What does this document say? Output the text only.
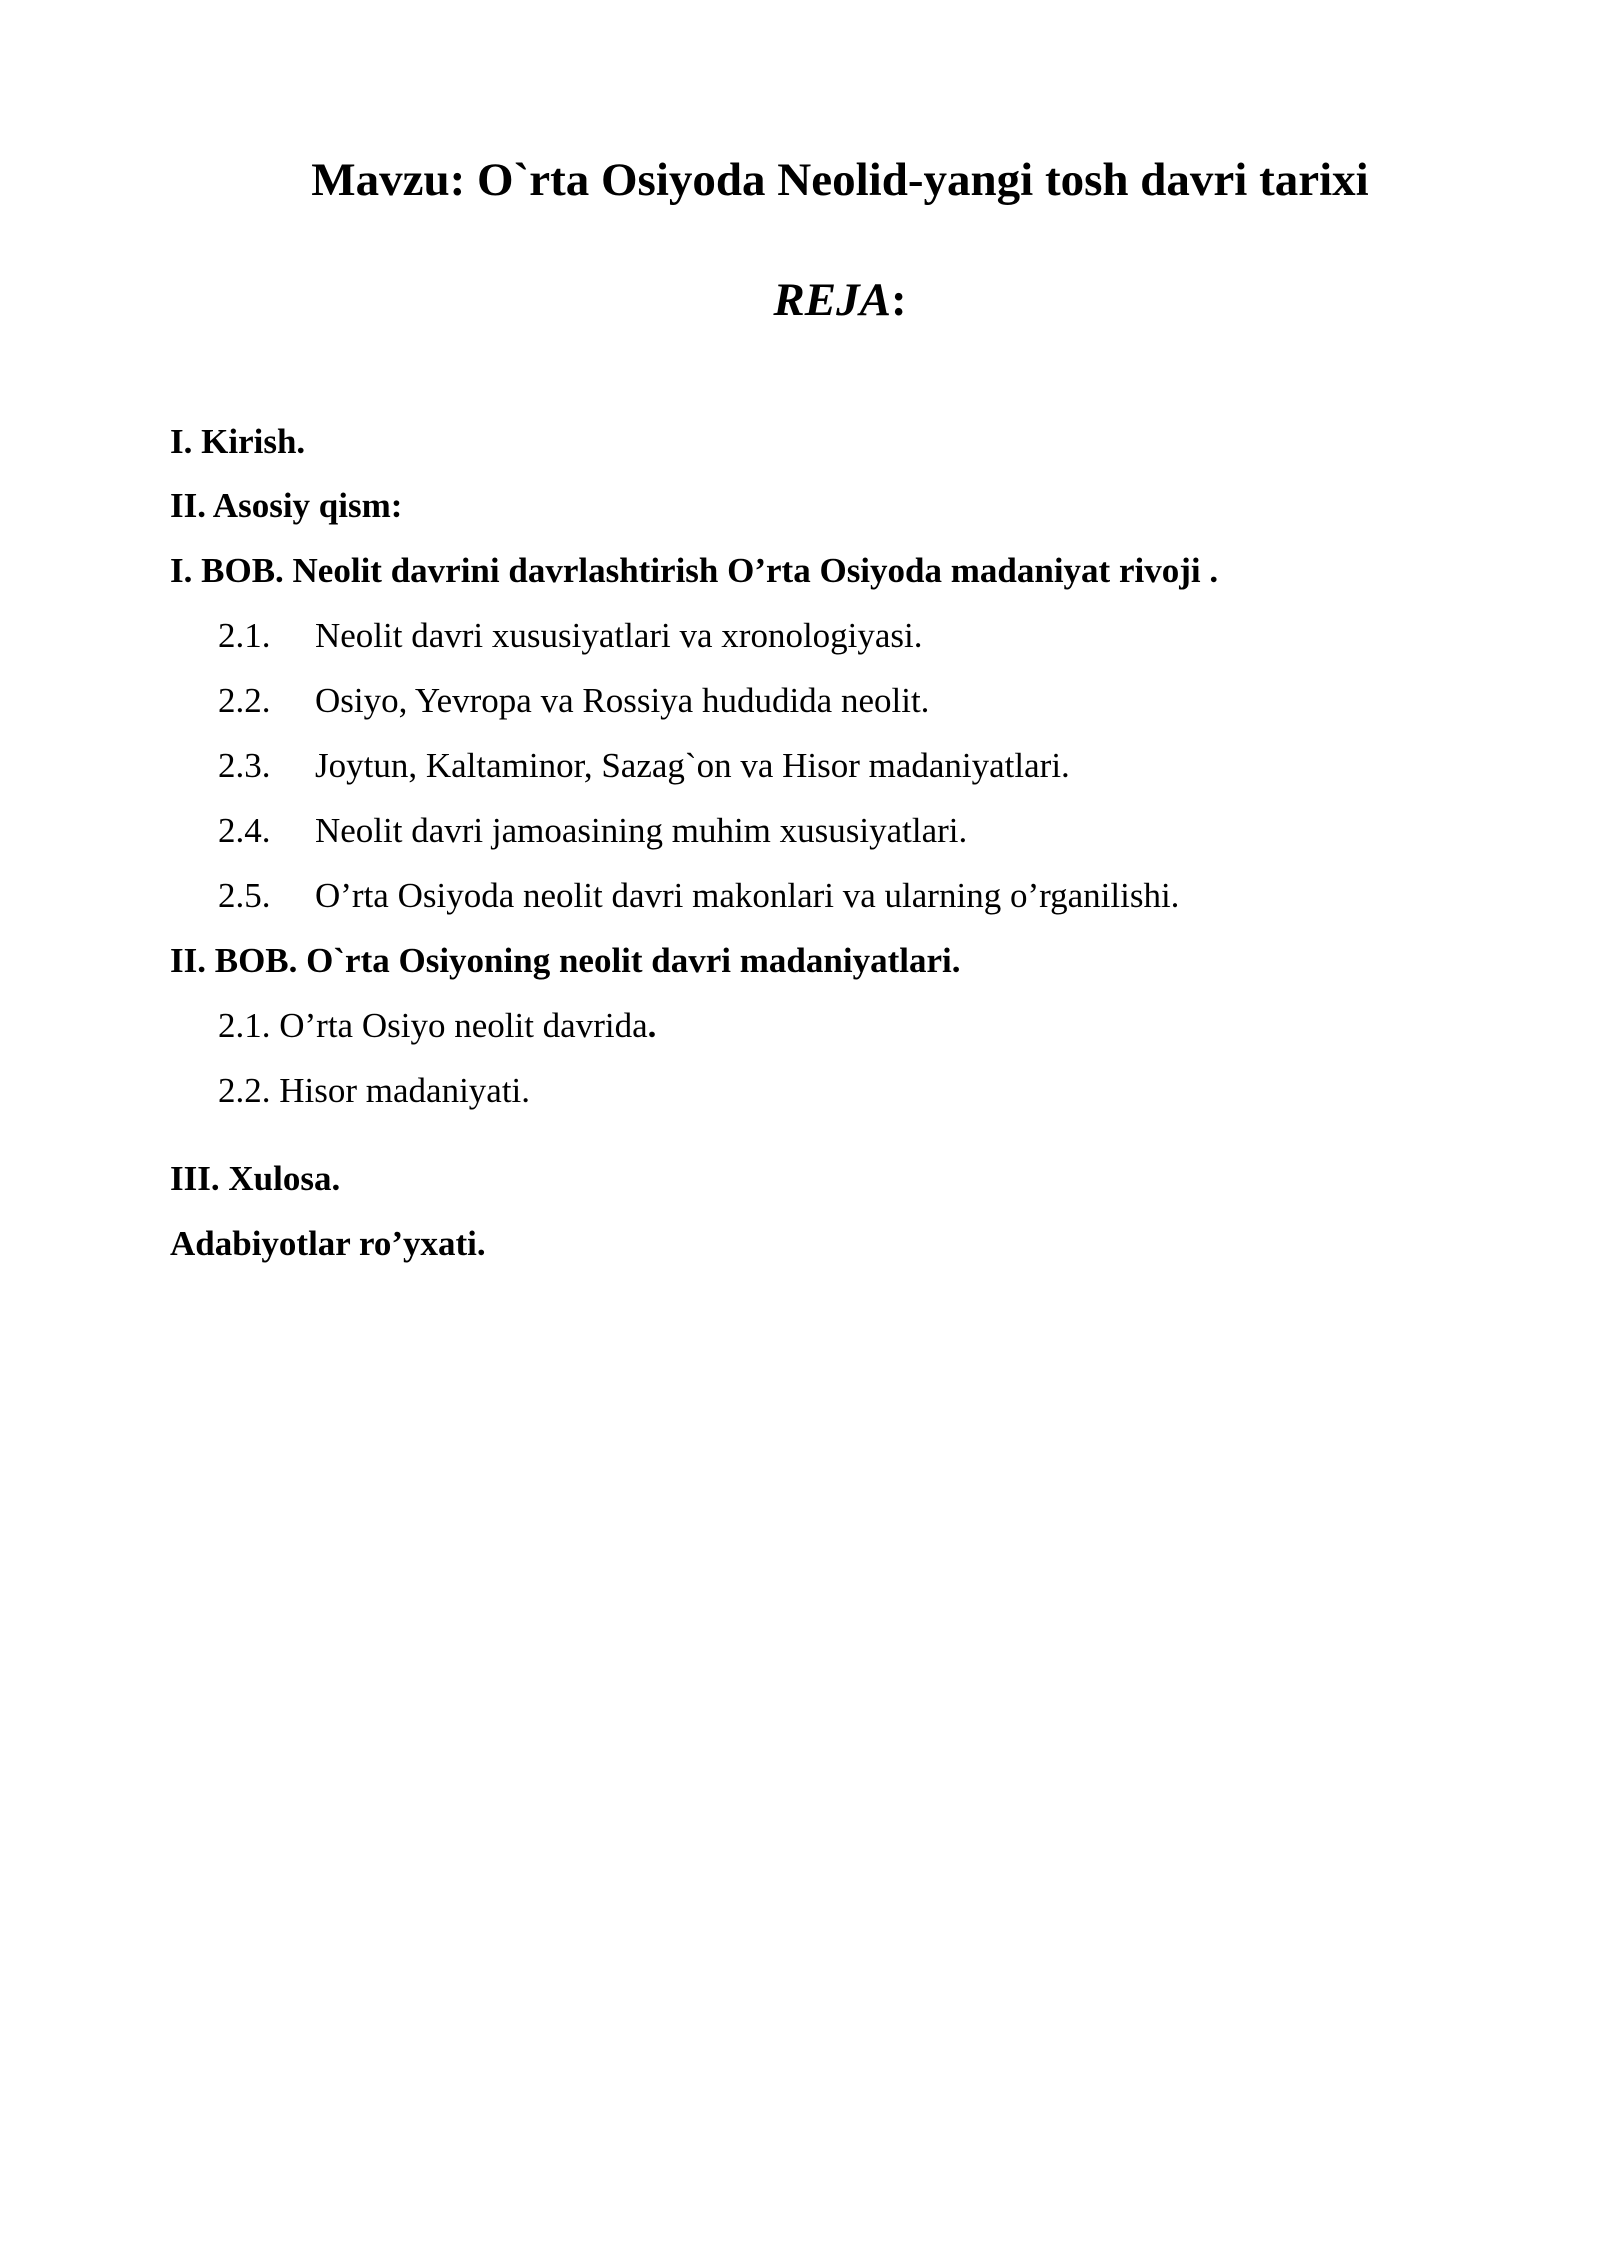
Mavzu: O`rta Osiyoda Neolid-yangi tosh davri tarixi
REJA:
I. Kirish.
II. Asosiy qism:
I. BOB. Neolit davrini davrlashtirish O’rta Osiyoda madaniyat rivoji .
2.1. Neolit davri xususiyatlari va xronologiyasi.
2.2. Osiyo, Yevropa va Rossiya hududida neolit.
2.3. Joytun, Kaltaminor, Sazag`on va Hisor madaniyatlari.
2.4. Neolit davri jamoasining muhim xususiyatlari.
2.5. O’rta Osiyoda neolit davri makonlari va ularning o’rganilishi.
II. BOB. O`rta Osiyoning neolit davri madaniyatlari.
2.1. O’rta Osiyo neolit davrida.
2.2. Hisor madaniyati.
III. Xulosa.
Adabiyotlar ro’yxati.
